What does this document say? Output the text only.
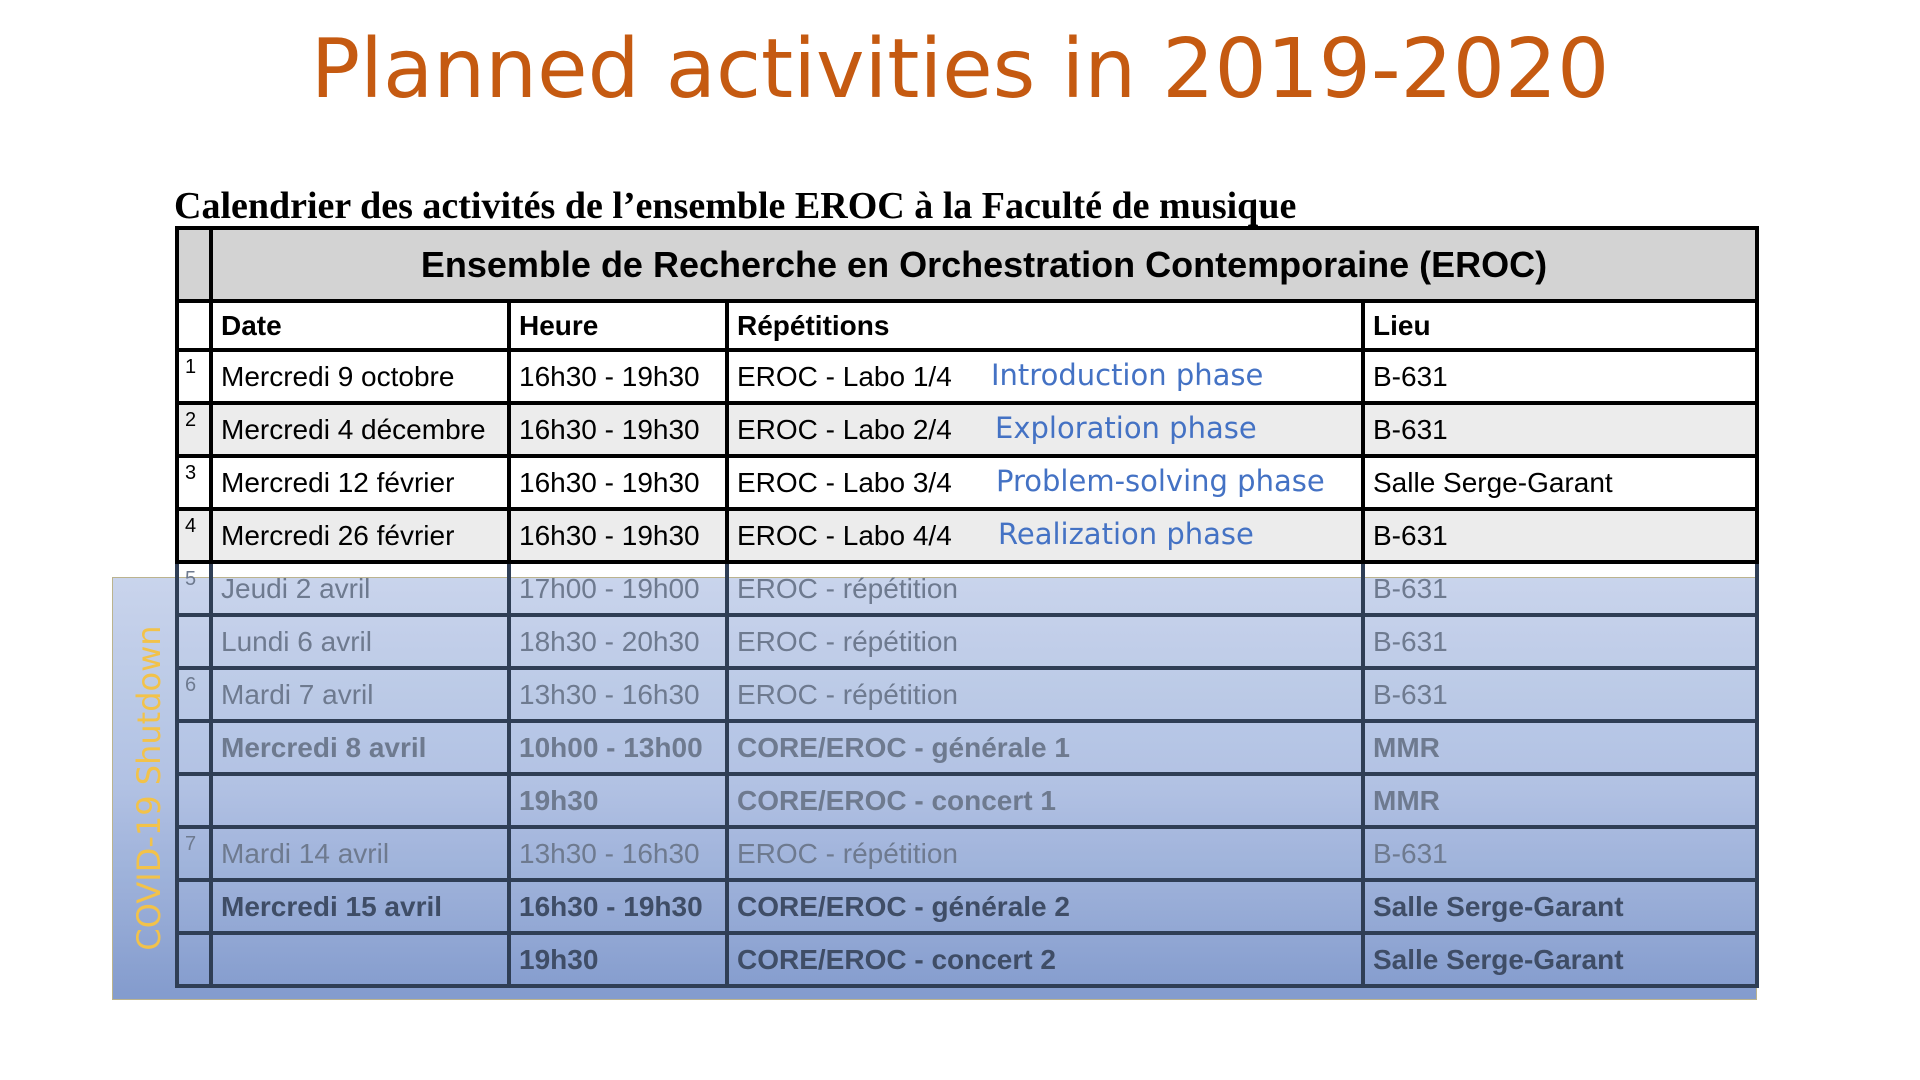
Planned activities in 2019-2020
Calendrier des activités de l’ensemble EROC à la Faculté de musique
COVID-19 Shutdown
	Ensemble de Recherche en Orchestration Contemporaine (EROC)			
	Date	Heure	Répétitions	Lieu
1	Mercredi 9 octobre	16h30 - 19h30	EROC - Labo 1/4 Introduction phase	B-631
2	Mercredi 4 décembre	16h30 - 19h30	EROC - Labo 2/4 Exploration phase	B-631
3	Mercredi 12 février	16h30 - 19h30	EROC - Labo 3/4 Problem-solving phase	Salle Serge-Garant
4	Mercredi 26 février	16h30 - 19h30	EROC - Labo 4/4 Realization phase	B-631
5	Jeudi 2 avril	17h00 - 19h00	EROC - répétition	B-631
	Lundi 6 avril	18h30 - 20h30	EROC - répétition	B-631
6	Mardi 7 avril	13h30 - 16h30	EROC - répétition	B-631
	Mercredi 8 avril	10h00 - 13h00	CORE/EROC - générale 1	MMR
		19h30	CORE/EROC - concert 1	MMR
7	Mardi 14 avril	13h30 - 16h30	EROC - répétition	B-631
	Mercredi 15 avril	16h30 - 19h30	CORE/EROC - générale 2	Salle Serge-Garant
		19h30	CORE/EROC - concert 2	Salle Serge-Garant
